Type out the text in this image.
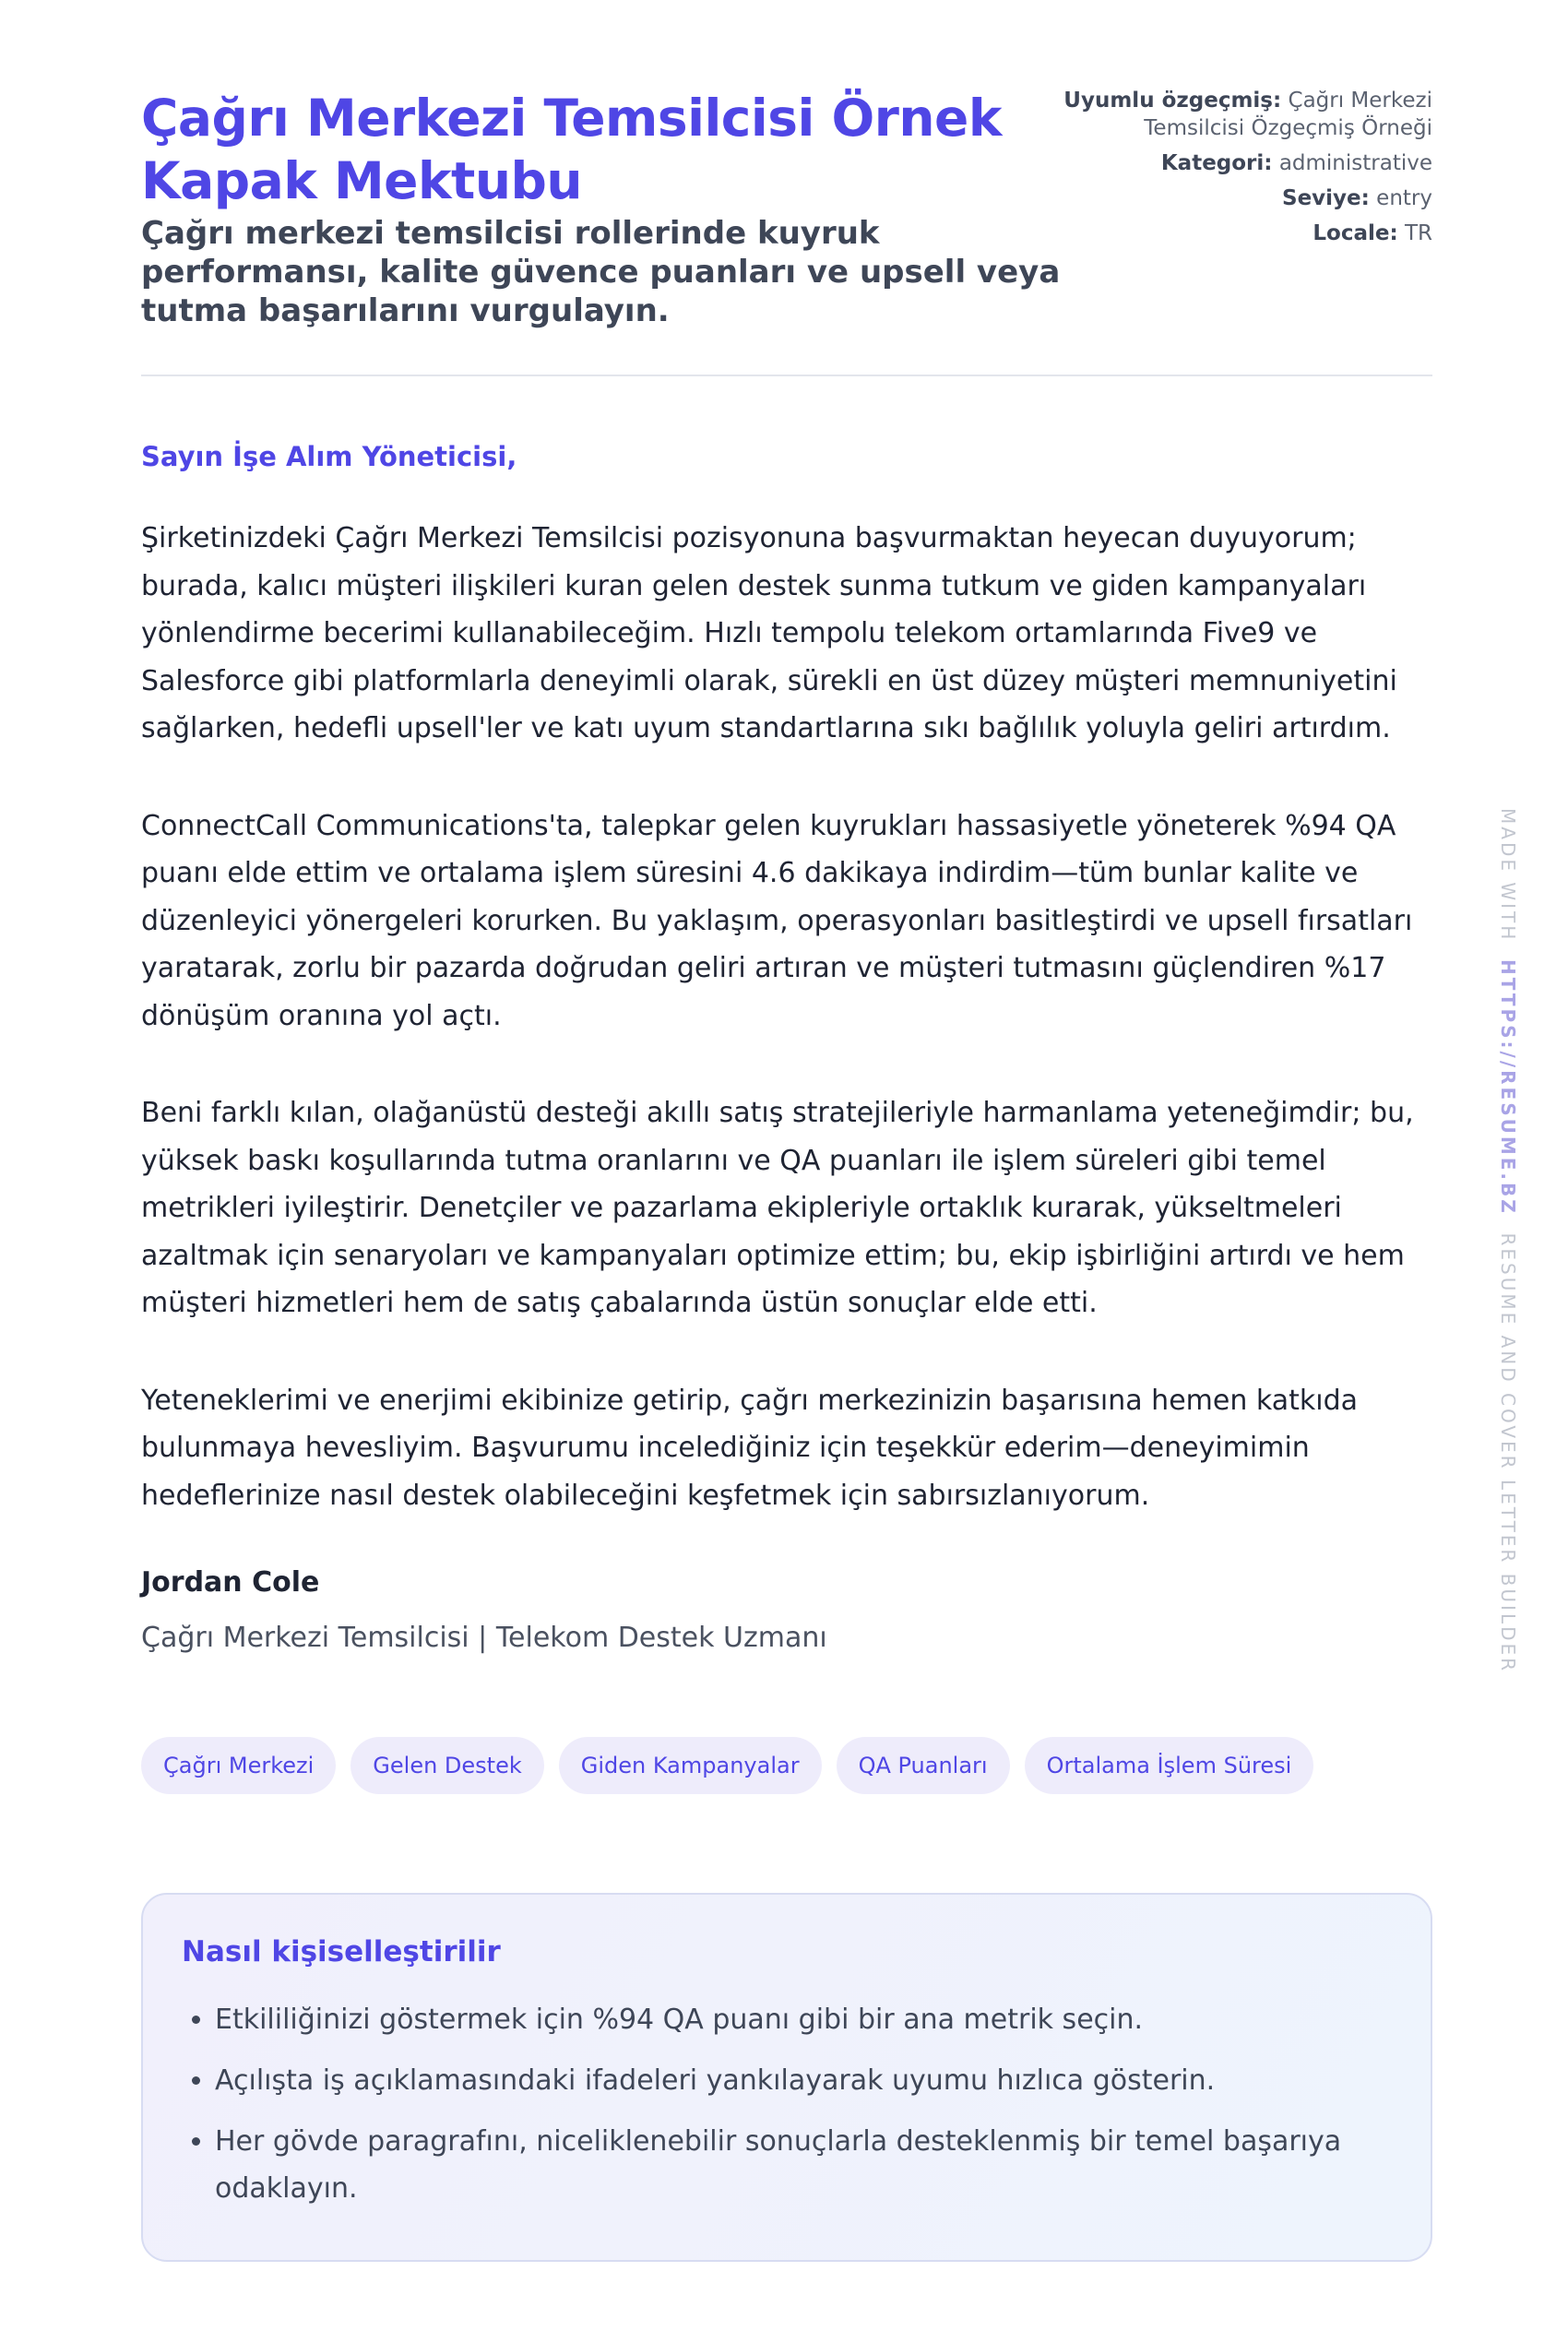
Çağrı Merkezi Temsilcisi Örnek Kapak Mektubu
Çağrı merkezi temsilcisi rollerinde kuyruk performansı, kalite güvence puanları ve upsell veya tutma başarılarını vurgulayın.
Uyumlu özgeçmiş: Çağrı Merkezi Temsilcisi Özgeçmiş Örneği
Kategori: administrative
Seviye: entry
Locale: TR

Sayın İşe Alım Yöneticisi,

Şirketinizdeki Çağrı Merkezi Temsilcisi pozisyonuna başvurmaktan heyecan duyuyorum; burada, kalıcı müşteri ilişkileri kuran gelen destek sunma tutkum ve giden kampanyaları yönlendirme becerimi kullanabileceğim. Hızlı tempolu telekom ortamlarında Five9 ve Salesforce gibi platformlarla deneyimli olarak, sürekli en üst düzey müşteri memnuniyetini sağlarken, hedefli upsell'ler ve katı uyum standartlarına sıkı bağlılık yoluyla geliri artırdım.

ConnectCall Communications'ta, talepkar gelen kuyrukları hassasiyetle yöneterek %94 QA puanı elde ettim ve ortalama işlem süresini 4.6 dakikaya indirdim—tüm bunlar kalite ve düzenleyici yönergeleri korurken. Bu yaklaşım, operasyonları basitleştirdi ve upsell fırsatları yaratarak, zorlu bir pazarda doğrudan geliri artıran ve müşteri tutmasını güçlendiren %17 dönüşüm oranına yol açtı.

Beni farklı kılan, olağanüstü desteği akıllı satış stratejileriyle harmanlama yeteneğimdir; bu, yüksek baskı koşullarında tutma oranlarını ve QA puanları ile işlem süreleri gibi temel metrikleri iyileştirir. Denetçiler ve pazarlama ekipleriyle ortaklık kurarak, yükseltmeleri azaltmak için senaryoları ve kampanyaları optimize ettim; bu, ekip işbirliğini artırdı ve hem müşteri hizmetleri hem de satış çabalarında üstün sonuçlar elde etti.

Yeteneklerimi ve enerjimi ekibinize getirip, çağrı merkezinizin başarısına hemen katkıda bulunmaya hevesliyim. Başvurumu incelediğiniz için teşekkür ederim—deneyimimin hedeflerinize nasıl destek olabileceğini keşfetmek için sabırsızlanıyorum.

Jordan Cole

Çağrı Merkezi Temsilcisi | Telekom Destek Uzmanı

Çağrı Merkezi	Gelen Destek	Giden Kampanyalar	QA Puanları	Ortalama İşlem Süresi
Nasıl kişiselleştirilir
• Etkililiğinizi göstermek için %94 QA puanı gibi bir ana metrik seçin.
• Açılışta iş açıklamasındaki ifadeleri yankılayarak uyumu hızlıca gösterin.
• Her gövde paragrafını, niceliklenebilir sonuçlarla desteklenmiş bir temel başarıya odaklayın.
MADE WITH  HTTPS://RESUME.BZ  RESUME AND COVER LETTER BUILDER
